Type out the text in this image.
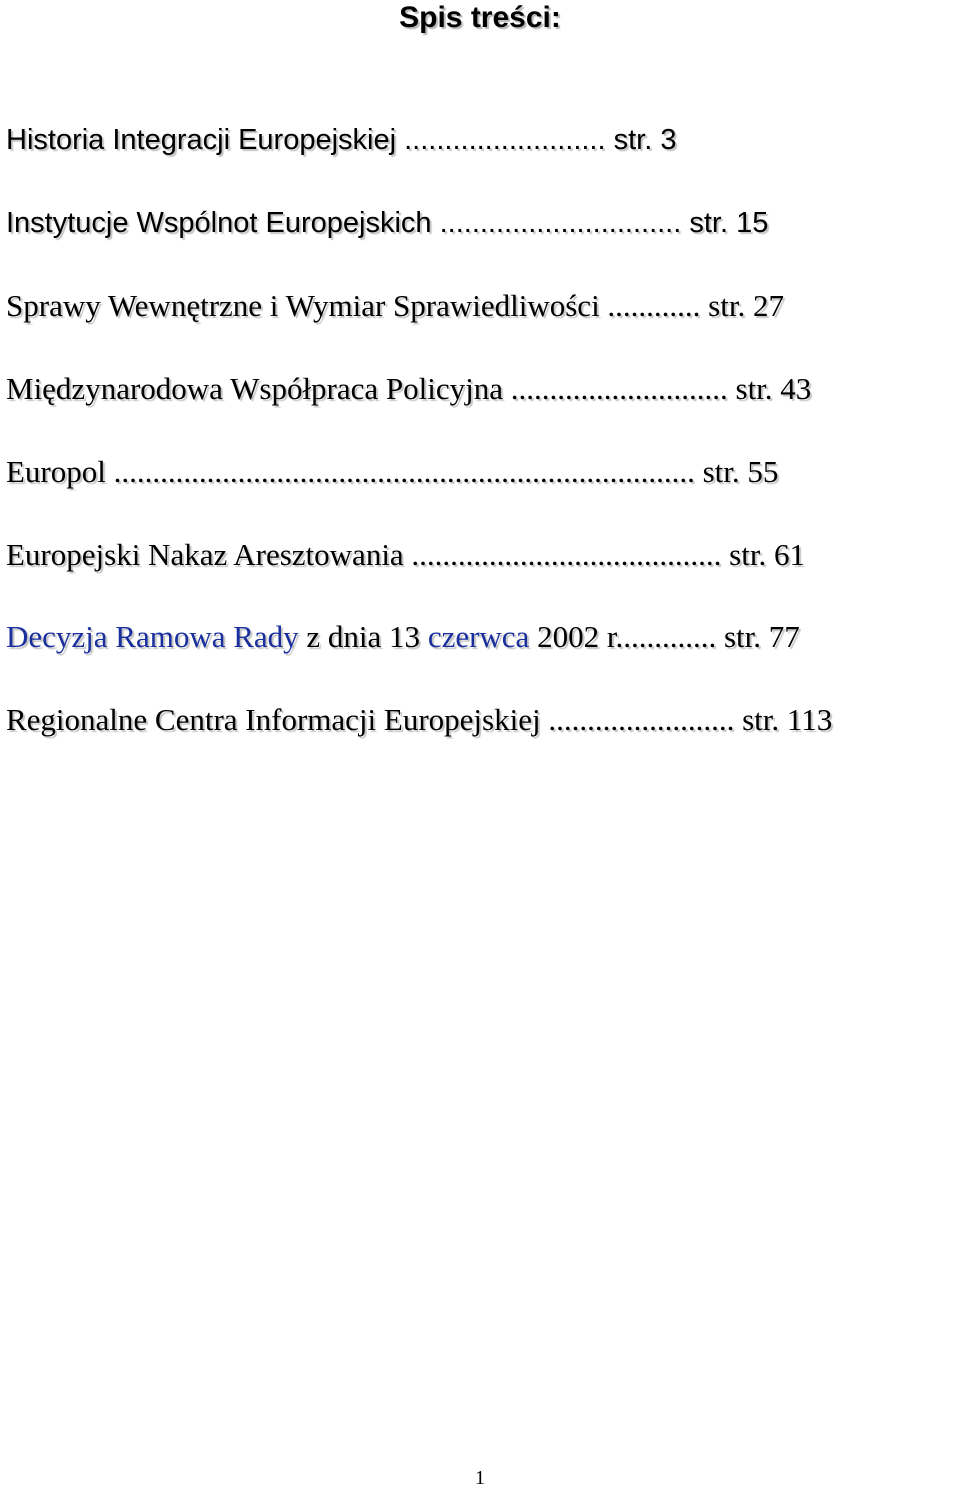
Spis treści:
Historia Integracji Europejskiej ......................... str. 3
Instytucje Wspólnot Europejskich .............................. str. 15
Sprawy Wewnętrzne i Wymiar Sprawiedliwości ............ str. 27
Międzynarodowa Współpraca Policyjna ............................ str. 43
Europol ........................................................................... str. 55
Europejski Nakaz Aresztowania ........................................ str. 61
Decyzja Ramowa Rady z dnia 13 czerwca 2002 r............. str. 77
Regionalne Centra Informacji Europejskiej ........................ str. 113
1
